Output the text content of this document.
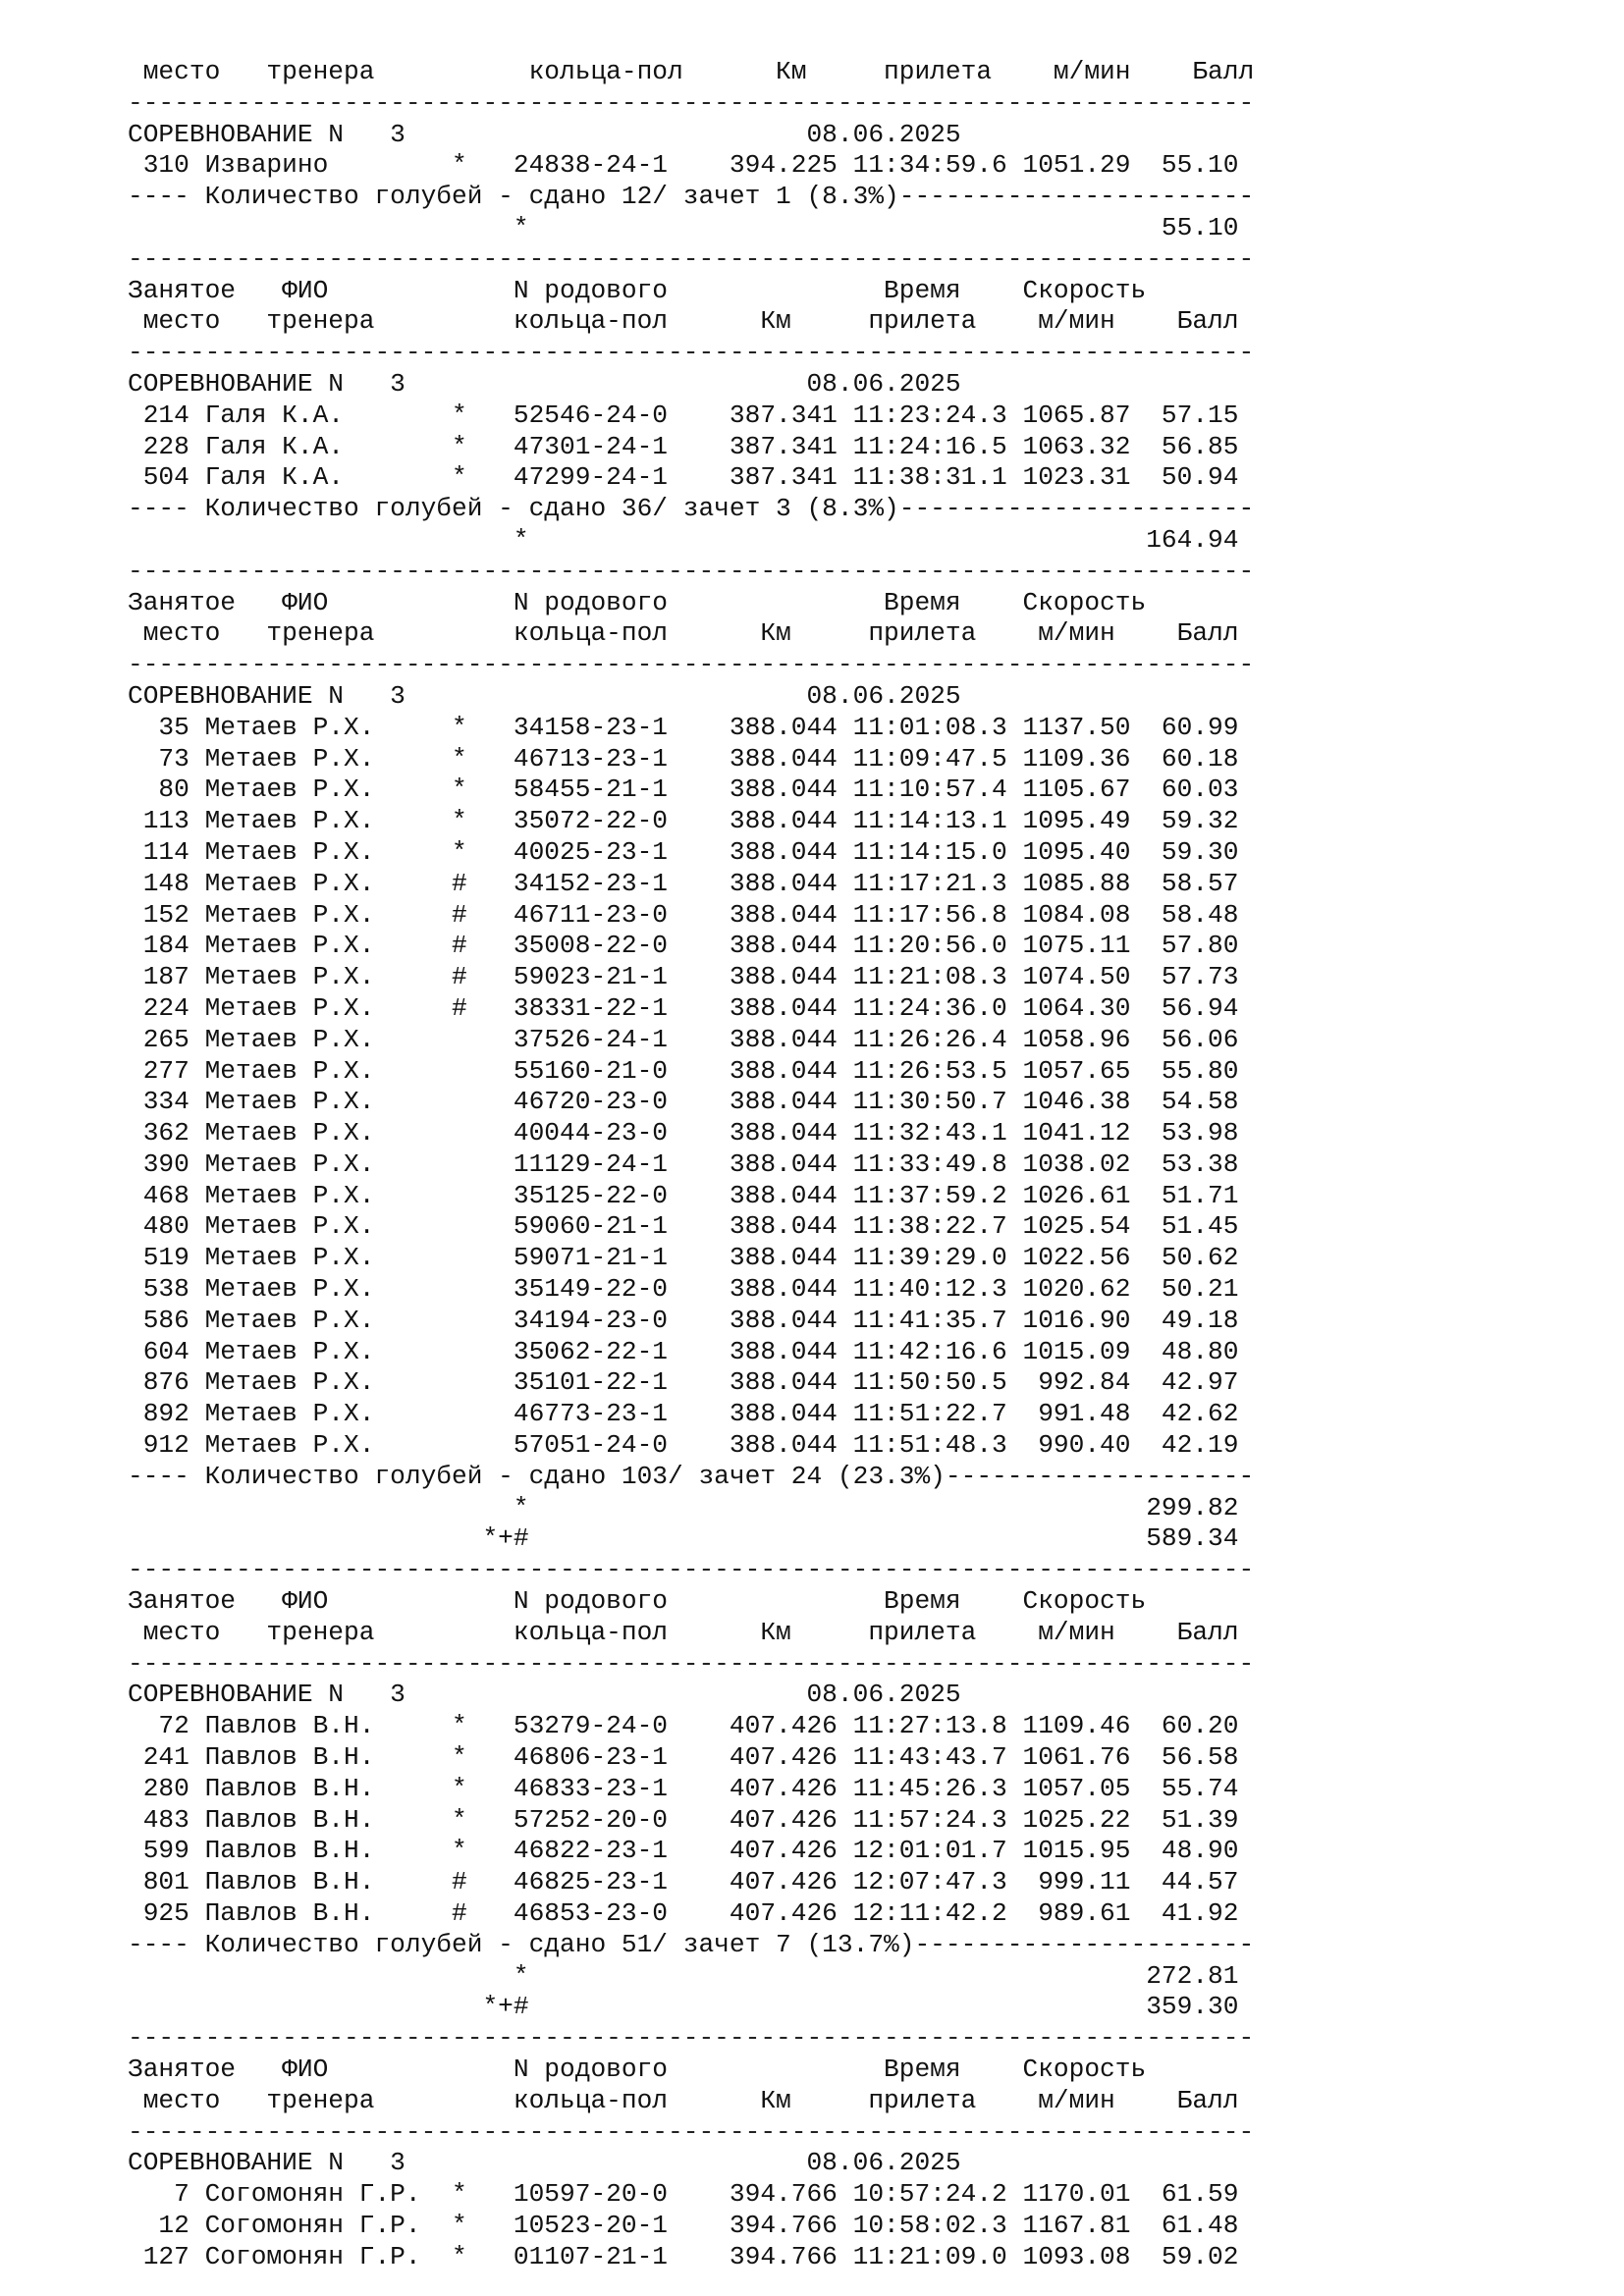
место   тренера          кольца-пол      Км     прилета    м/мин    Балл
-------------------------------------------------------------------------
СОРЕВНОВАНИЕ N   3                          08.06.2025
310 Изварино        *   24838-24-1    394.225 11:34:59.6 1051.29  55.10
---- Количество голубей - сдано 12/ зачет 1 (8.3%)-----------------------
*                                         55.10
-------------------------------------------------------------------------
Занятое   ФИО            N родового              Время    Скорость
место   тренера         кольца-пол      Км     прилета    м/мин    Балл
-------------------------------------------------------------------------
СОРЕВНОВАНИЕ N   3                          08.06.2025
214 Галя К.А.       *   52546-24-0    387.341 11:23:24.3 1065.87  57.15
228 Галя К.А.       *   47301-24-1    387.341 11:24:16.5 1063.32  56.85
504 Галя К.А.       *   47299-24-1    387.341 11:38:31.1 1023.31  50.94
---- Количество голубей - сдано 36/ зачет 3 (8.3%)-----------------------
*                                        164.94
-------------------------------------------------------------------------
Занятое   ФИО            N родового              Время    Скорость
место   тренера         кольца-пол      Км     прилета    м/мин    Балл
-------------------------------------------------------------------------
СОРЕВНОВАНИЕ N   3                          08.06.2025
35 Метаев Р.Х.     *   34158-23-1    388.044 11:01:08.3 1137.50  60.99
73 Метаев Р.Х.     *   46713-23-1    388.044 11:09:47.5 1109.36  60.18
80 Метаев Р.Х.     *   58455-21-1    388.044 11:10:57.4 1105.67  60.03
113 Метаев Р.Х.     *   35072-22-0    388.044 11:14:13.1 1095.49  59.32
114 Метаев Р.Х.     *   40025-23-1    388.044 11:14:15.0 1095.40  59.30
148 Метаев Р.Х.     #   34152-23-1    388.044 11:17:21.3 1085.88  58.57
152 Метаев Р.Х.     #   46711-23-0    388.044 11:17:56.8 1084.08  58.48
184 Метаев Р.Х.     #   35008-22-0    388.044 11:20:56.0 1075.11  57.80
187 Метаев Р.Х.     #   59023-21-1    388.044 11:21:08.3 1074.50  57.73
224 Метаев Р.Х.     #   38331-22-1    388.044 11:24:36.0 1064.30  56.94
265 Метаев Р.Х.         37526-24-1    388.044 11:26:26.4 1058.96  56.06
277 Метаев Р.Х.         55160-21-0    388.044 11:26:53.5 1057.65  55.80
334 Метаев Р.Х.         46720-23-0    388.044 11:30:50.7 1046.38  54.58
362 Метаев Р.Х.         40044-23-0    388.044 11:32:43.1 1041.12  53.98
390 Метаев Р.Х.         11129-24-1    388.044 11:33:49.8 1038.02  53.38
468 Метаев Р.Х.         35125-22-0    388.044 11:37:59.2 1026.61  51.71
480 Метаев Р.Х.         59060-21-1    388.044 11:38:22.7 1025.54  51.45
519 Метаев Р.Х.         59071-21-1    388.044 11:39:29.0 1022.56  50.62
538 Метаев Р.Х.         35149-22-0    388.044 11:40:12.3 1020.62  50.21
586 Метаев Р.Х.         34194-23-0    388.044 11:41:35.7 1016.90  49.18
604 Метаев Р.Х.         35062-22-1    388.044 11:42:16.6 1015.09  48.80
876 Метаев Р.Х.         35101-22-1    388.044 11:50:50.5  992.84  42.97
892 Метаев Р.Х.         46773-23-1    388.044 11:51:22.7  991.48  42.62
912 Метаев Р.Х.         57051-24-0    388.044 11:51:48.3  990.40  42.19
---- Количество голубей - сдано 103/ зачет 24 (23.3%)--------------------
*                                        299.82
*+#                                        589.34
-------------------------------------------------------------------------
Занятое   ФИО            N родового              Время    Скорость
место   тренера         кольца-пол      Км     прилета    м/мин    Балл
-------------------------------------------------------------------------
СОРЕВНОВАНИЕ N   3                          08.06.2025
72 Павлов В.Н.     *   53279-24-0    407.426 11:27:13.8 1109.46  60.20
241 Павлов В.Н.     *   46806-23-1    407.426 11:43:43.7 1061.76  56.58
280 Павлов В.Н.     *   46833-23-1    407.426 11:45:26.3 1057.05  55.74
483 Павлов В.Н.     *   57252-20-0    407.426 11:57:24.3 1025.22  51.39
599 Павлов В.Н.     *   46822-23-1    407.426 12:01:01.7 1015.95  48.90
801 Павлов В.Н.     #   46825-23-1    407.426 12:07:47.3  999.11  44.57
925 Павлов В.Н.     #   46853-23-0    407.426 12:11:42.2  989.61  41.92
---- Количество голубей - сдано 51/ зачет 7 (13.7%)----------------------
*                                        272.81
*+#                                        359.30
-------------------------------------------------------------------------
Занятое   ФИО            N родового              Время    Скорость
место   тренера         кольца-пол      Км     прилета    м/мин    Балл
-------------------------------------------------------------------------
СОРЕВНОВАНИЕ N   3                          08.06.2025
7 Согомонян Г.Р.  *   10597-20-0    394.766 10:57:24.2 1170.01  61.59
12 Согомонян Г.Р.  *   10523-20-1    394.766 10:58:02.3 1167.81  61.48
127 Согомонян Г.Р.  *   01107-21-1    394.766 11:21:09.0 1093.08  59.02
